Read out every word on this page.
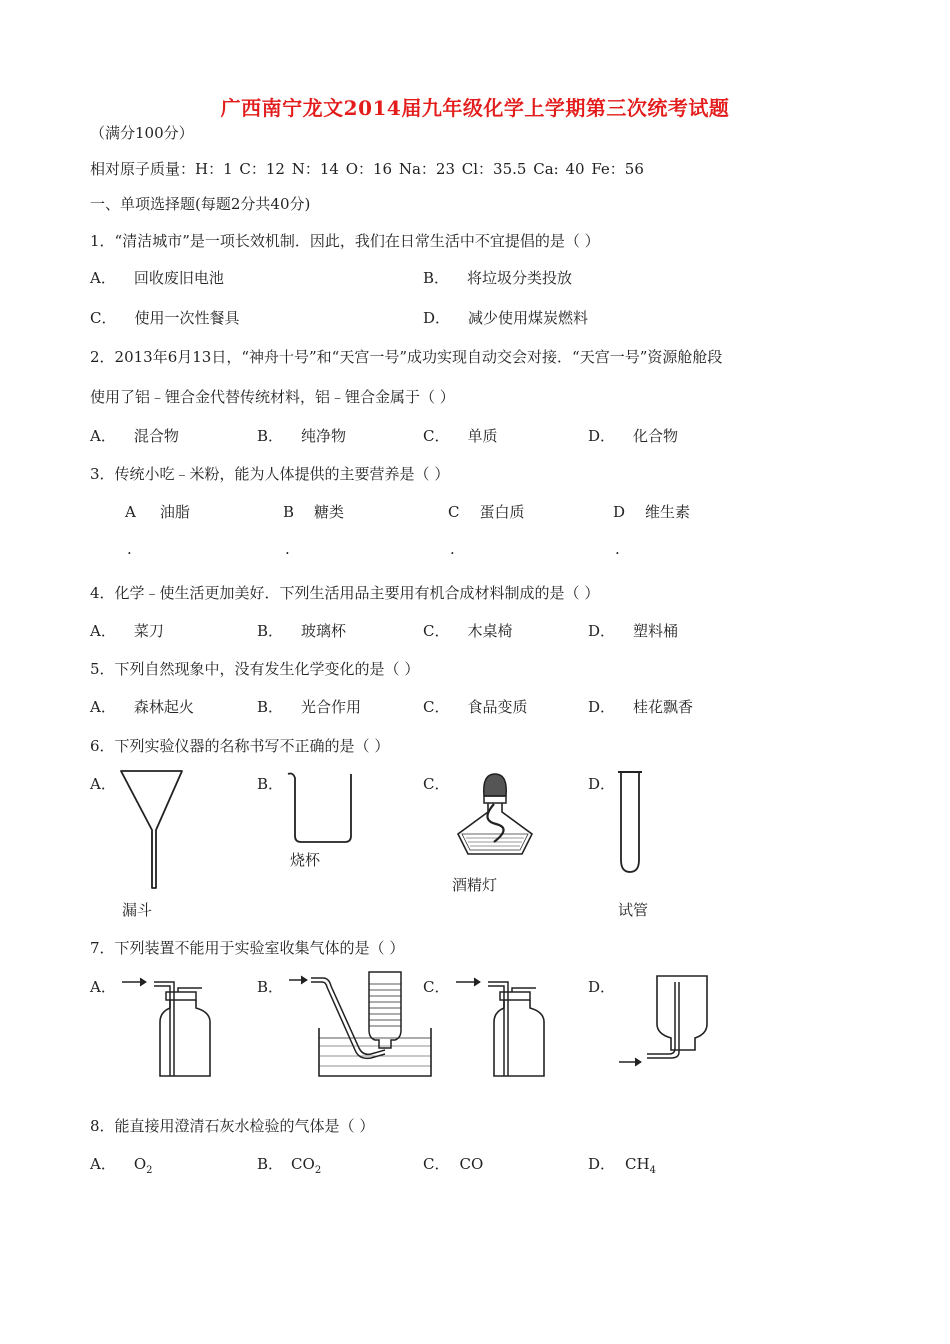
广西南宁龙文2014届九年级化学上学期第三次统考试题
（满分100分）
相对原子质量：H：1 C：12 N：14 O：16 Na：23 Cl：35.5 Ca: 40 Fe：56
一、单项选择题(每题2分共40分)
1．“清洁城市”是一项长效机制．因此，我们在日常生活中不宜提倡的是（ ）
A． 回收废旧电池	B． 将垃圾分类投放
C． 使用一次性餐具	D． 减少使用煤炭燃料
2．2013年6月13日，“神舟十号”和“天宫一号”成功实现自动交会对接．“天宫一号”资源舱舱段
使用了铝﹣锂合金代替传统材料，铝﹣锂合金属于（ ）
A． 混合物	B． 纯净物	C． 单质	D． 化合物
3．传统小吃﹣米粉，能为人体提供的主要营养是（ ）
A 油脂	B 糖类	C 蛋白质	D 维生素
.	.	.	.
4．化学﹣使生活更加美好．下列生活用品主要用有机合成材料制成的是（ ）
A． 菜刀	B． 玻璃杯	C． 木桌椅	D． 塑料桶
5．下列自然现象中，没有发生化学变化的是（ ）
A． 森林起火	B． 光合作用	C． 食品变质	D． 桂花飘香
6．下列实验仪器的名称书写不正确的是（ ）
A．	B．	C．	D．
烧杯
酒精灯
漏斗	试管
7．下列装置不能用于实验室收集气体的是（ ）
A．	B．	C．	D．
8．能直接用澄清石灰水检验的气体是（ ）
A． $O_2$	B． $CO_2$	C． CO	D． $CH_4$
